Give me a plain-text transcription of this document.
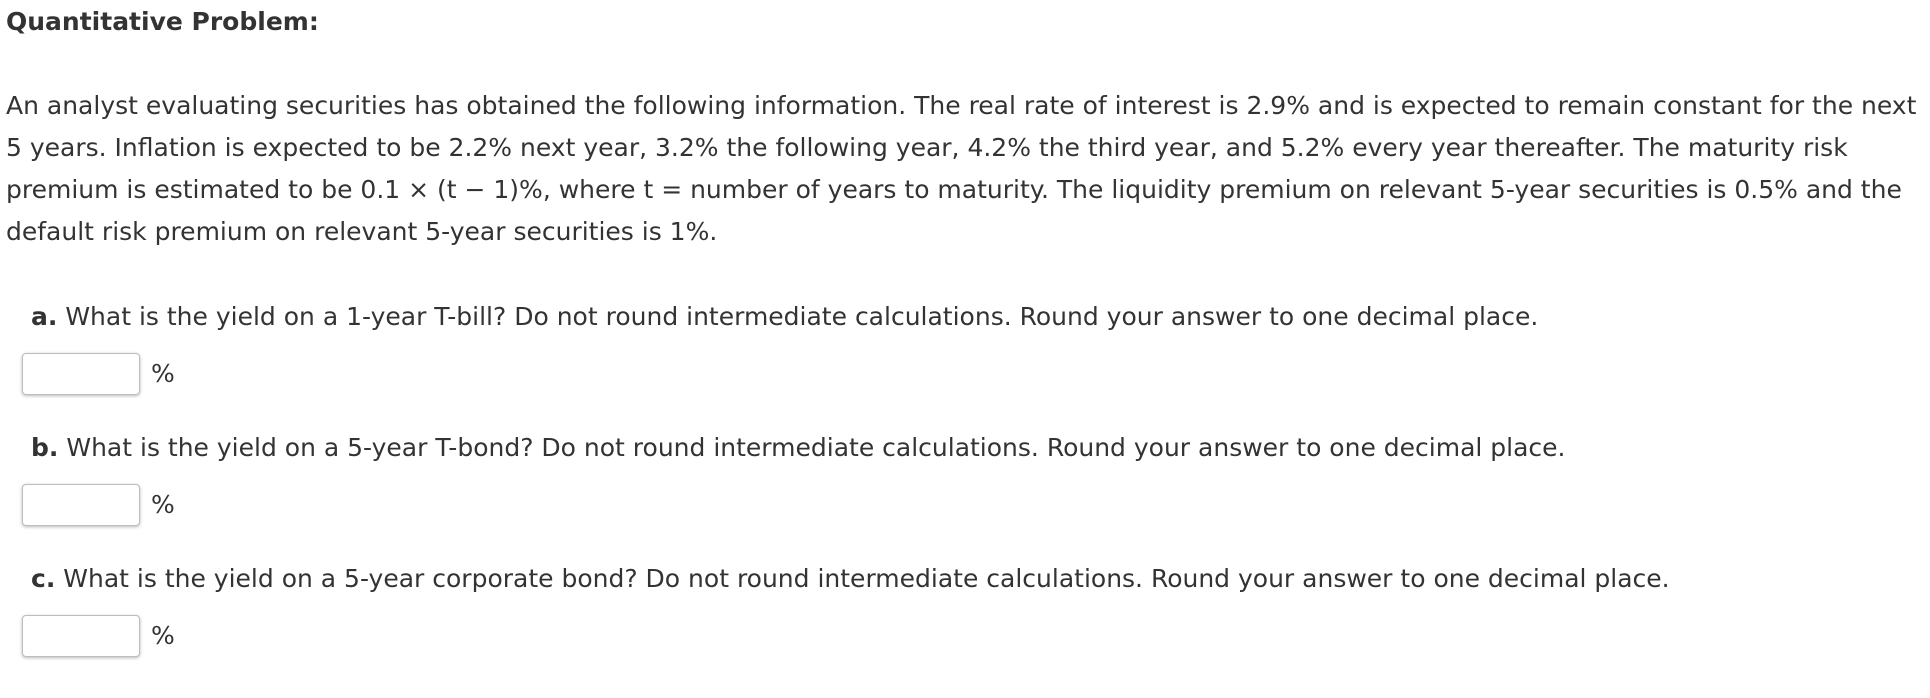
Quantitative Problem:

An analyst evaluating securities has obtained the following information. The real rate of interest is 2.9% and is expected to remain constant for the next 5 years. Inflation is expected to be 2.2% next year, 3.2% the following year, 4.2% the third year, and 5.2% every year thereafter. The maturity risk premium is estimated to be 0.1 × (t − 1)%, where t = number of years to maturity. The liquidity premium on relevant 5-year securities is 0.5% and the default risk premium on relevant 5-year securities is 1%.

a. What is the yield on a 1-year T-bill? Do not round intermediate calculations. Round your answer to one decimal place.

%

b. What is the yield on a 5-year T-bond? Do not round intermediate calculations. Round your answer to one decimal place.

%

c. What is the yield on a 5-year corporate bond? Do not round intermediate calculations. Round your answer to one decimal place.

%
